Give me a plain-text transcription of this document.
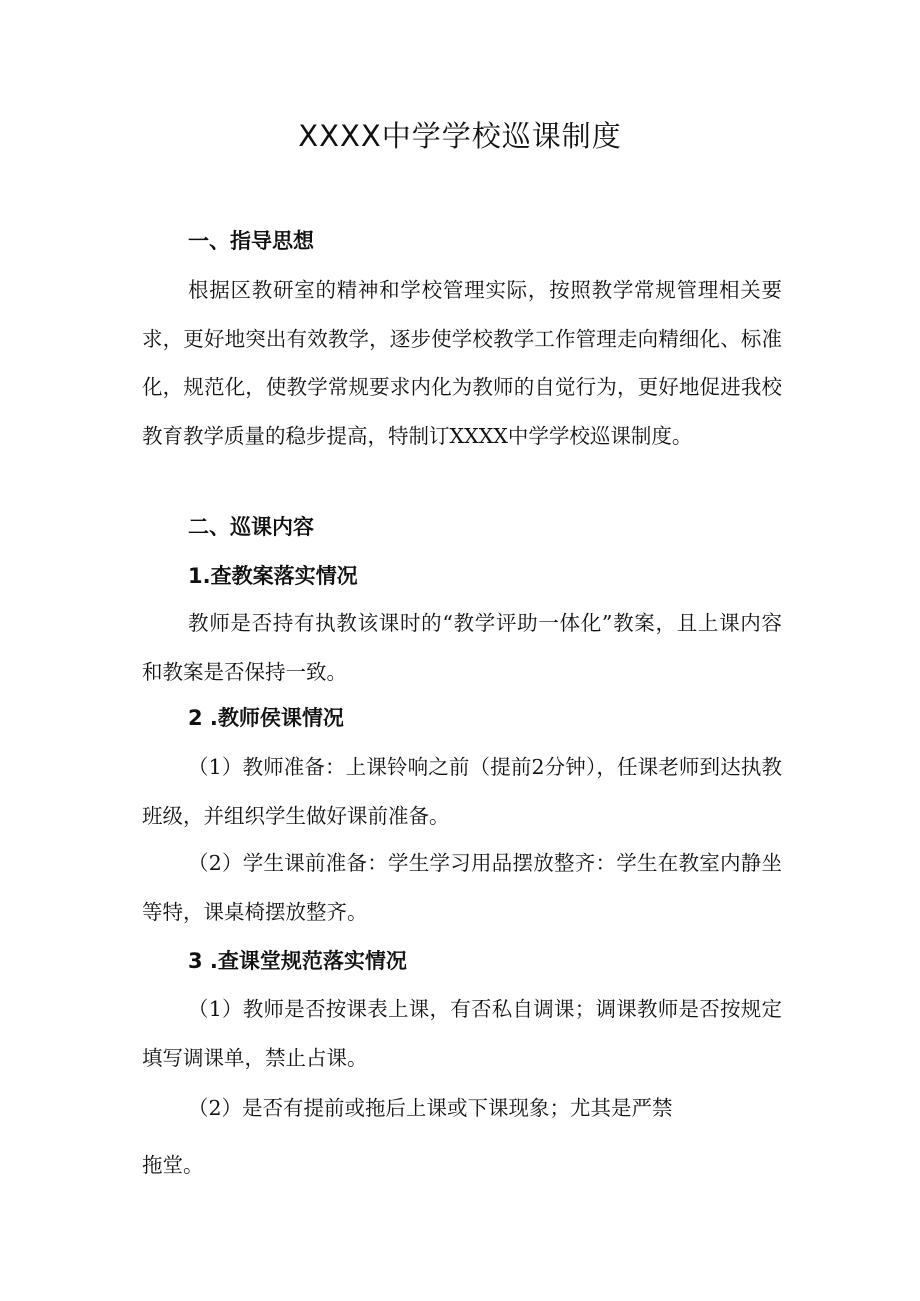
XXXX中学学校巡课制度
一、指导思想

根据区教研室的精神和学校管理实际，按照教学常规管理相关要求，更好地突出有效教学，逐步使学校教学工作管理走向精细化、标准化，规范化，使教学常规要求内化为教师的自觉行为，更好地促进我校教育教学质量的稳步提高，特制订XXXX中学学校巡课制度。

二、巡课内容
1.查教案落实情况

教师是否持有执教该课时的“教学评助一体化”教案，且上课内容和教案是否保持一致。

2 .教师侯课情况

（1）教师准备：上课铃响之前（提前2分钟），任课老师到达执教班级，并组织学生做好课前准备。

（2）学生课前准备：学生学习用品摆放整齐：学生在教室内静坐等特，课桌椅摆放整齐。

3 .查课堂规范落实情况

（1）教师是否按课表上课，有否私自调课；调课教师是否按规定填写调课单，禁止占课。

（2）是否有提前或拖后上课或下课现象；尤其是严禁
拖堂。
